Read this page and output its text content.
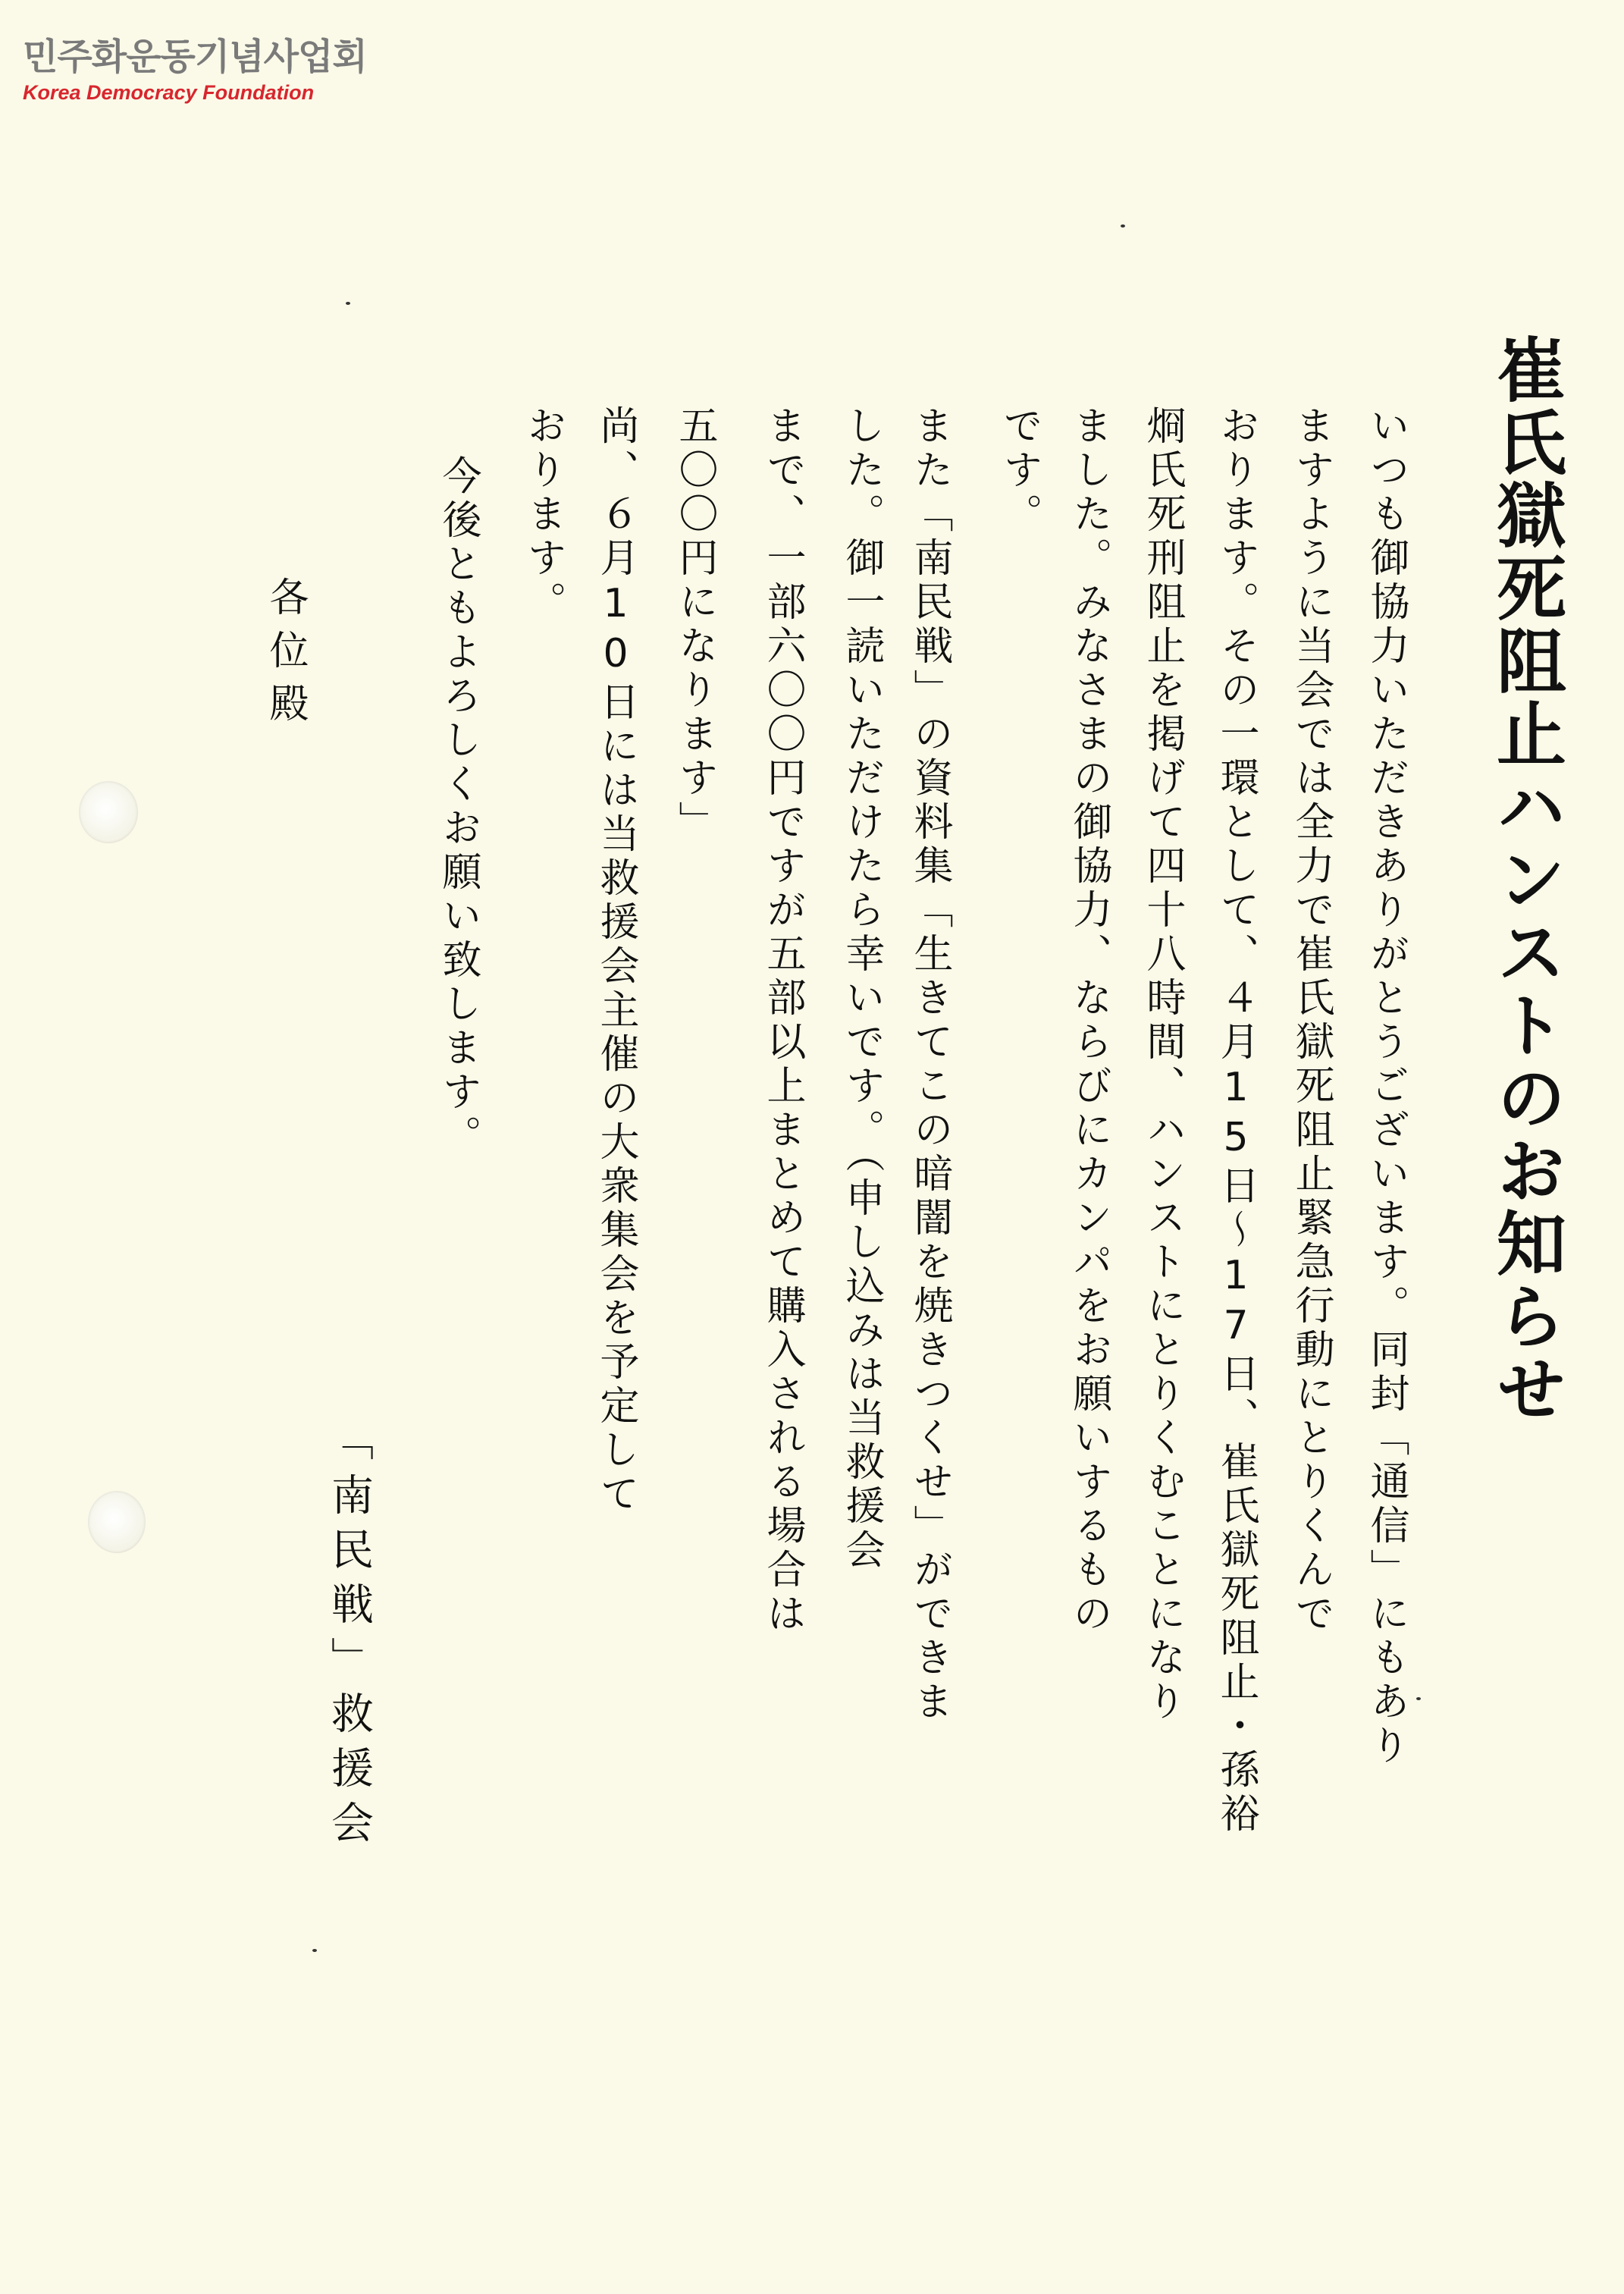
민주화운동기념사업회
Korea Democracy Foundation
崔氏獄死阻止ハンストのお知らせ
いつも御協力いただきありがとうございます。同封「通信」にもあり
ますように当会では全力で崔氏獄死阻止緊急行動にとりくんで
おります。その一環として、４月15日～17日、崔氏獄死阻止・孫裕
烱氏死刑阻止を掲げて四十八時間、ハンストにとりくむことになり
ました。みなさまの御協力、ならびにカンパをお願いするもの
です。
また「南民戦」の資料集「生きてこの暗闇を焼きつくせ」ができま
した。御一読いただけたら幸いです。（申し込みは当救援会
まで、一部六〇〇円ですが五部以上まとめて購入される場合は
五〇〇円になります」
尚、６月10日には当救援会主催の大衆集会を予定して
おります。
今後ともよろしくお願い致します。
各位殿
「南民戦」救援会
